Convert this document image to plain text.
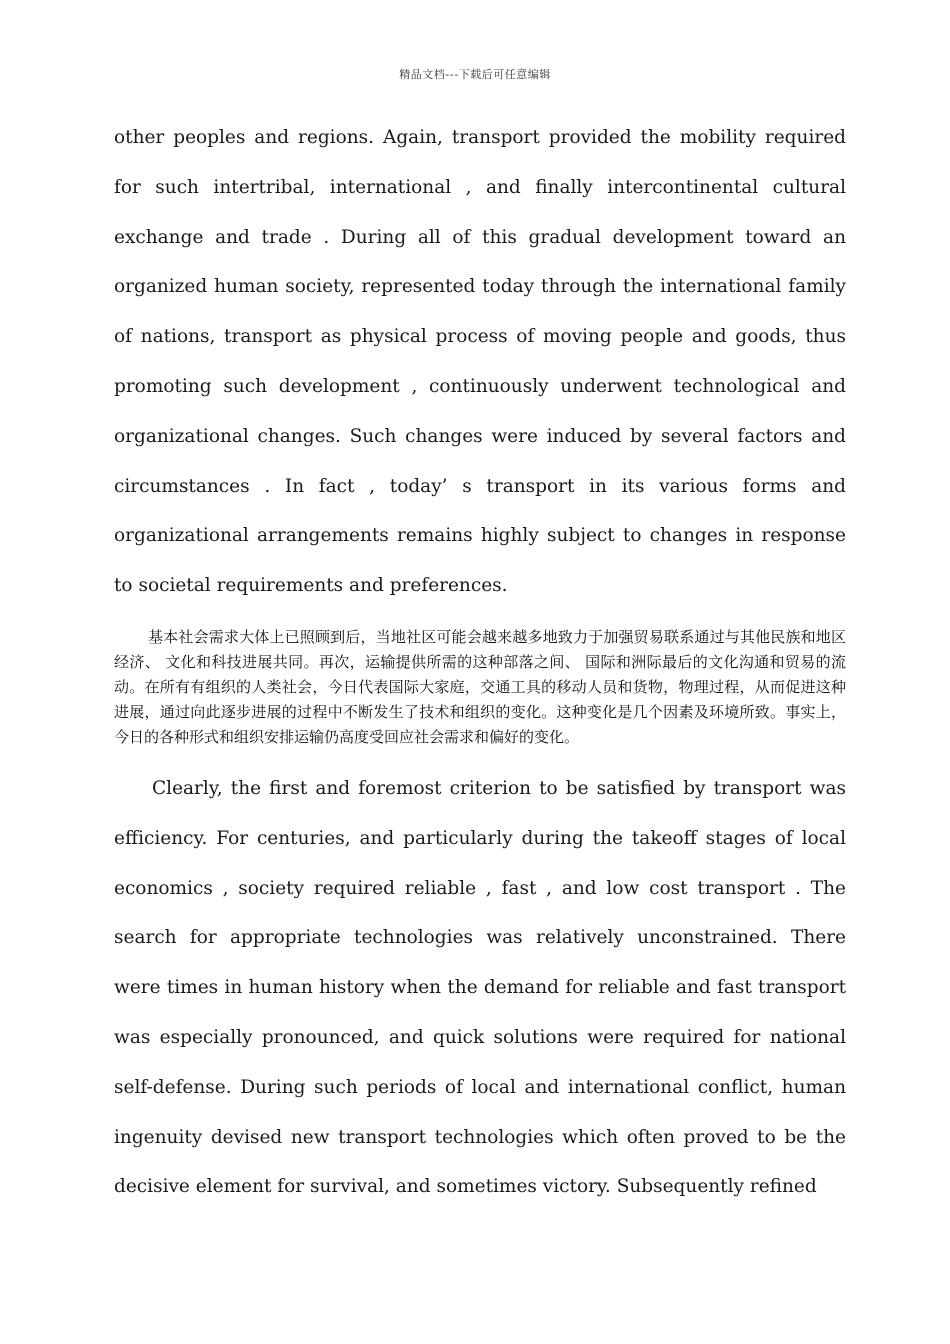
精品文档---下载后可任意编辑

other peoples and regions. Again, transport provided the mobility required for such intertribal, international , and finally intercontinental cultural exchange and trade . During all of this gradual development toward an organized human society, represented today through the international family of nations, transport as physical process of moving people and goods, thus promoting such development , continuously underwent technological and organizational changes. Such changes were induced by several factors and circumstances . In fact , today’ s transport in its various forms and organizational arrangements remains highly subject to changes in response to societal requirements and preferences.

基本社会需求大体上已照顾到后，当地社区可能会越来越多地致力于加强贸易联系通过与其他民族和地区经济、 文化和科技进展共同。再次，运输提供所需的这种部落之间、 国际和洲际最后的文化沟通和贸易的流动。在所有有组织的人类社会，今日代表国际大家庭，交通工具的移动人员和货物，物理过程，从而促进这种进展，通过向此逐步进展的过程中不断发生了技术和组织的变化。这种变化是几个因素及环境所致。事实上，今日的各种形式和组织安排运输仍高度受回应社会需求和偏好的变化。

Clearly, the first and foremost criterion to be satisfied by transport was efficiency. For centuries, and particularly during the takeoff stages of local economics , society required reliable , fast , and low cost transport . The search for appropriate technologies was relatively unconstrained. There were times in human history when the demand for reliable and fast transport was especially pronounced, and quick solutions were required for national self-defense. During such periods of local and international conflict, human ingenuity devised new transport technologies which often proved to be the decisive element for survival, and sometimes victory. Subsequently refined
